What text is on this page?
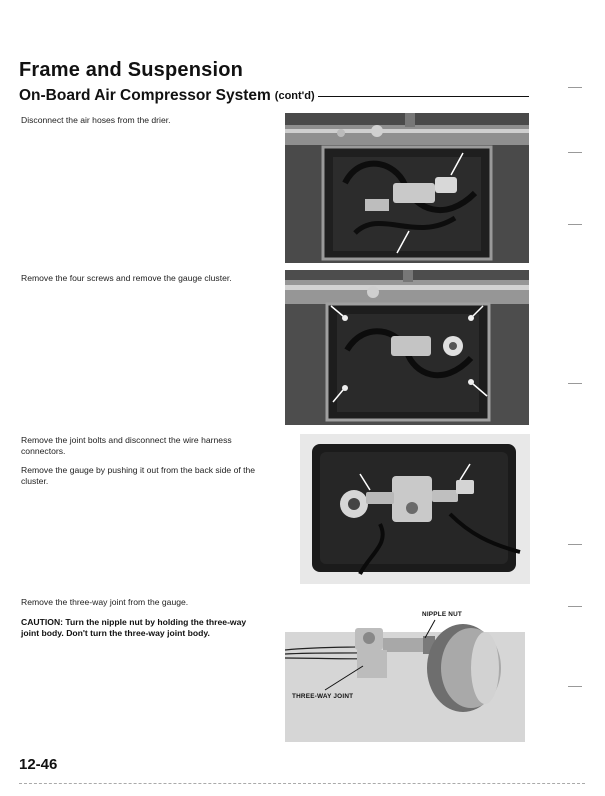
Frame and Suspension
On-Board Air Compressor System (cont'd)

Disconnect the air hoses from the drier.

Remove the four screws and remove the gauge cluster.

Remove the joint bolts and disconnect the wire harness connectors.

Remove the gauge by pushing it out from the back side of the cluster.

Remove the three-way joint from the gauge.

CAUTION: Turn the nipple nut by holding the three-way joint body. Don't turn the three-way joint body.

NIPPLE NUT
THREE-WAY JOINT

12-46
